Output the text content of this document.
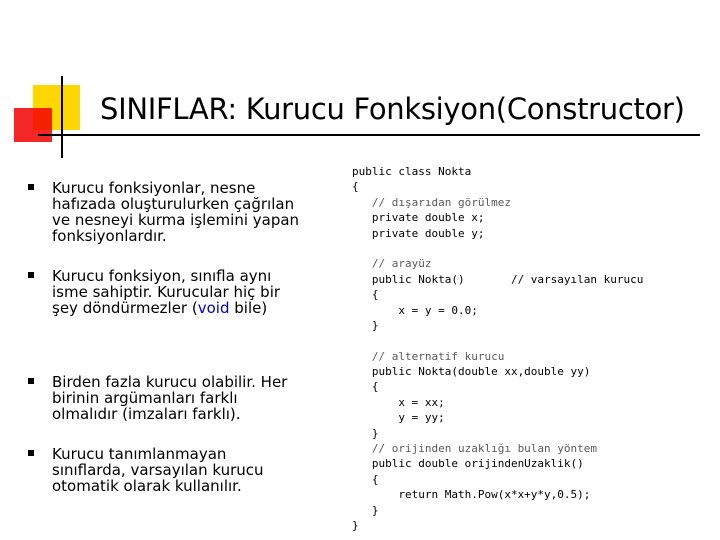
SINIFLAR: Kurucu Fonksiyon(Constructor)
Kurucu fonksiyonlar, nesne hafızada oluşturulurken çağrılan ve nesneyi kurma işlemini yapan fonksiyonlardır.
Kurucu fonksiyon, sınıfla aynı isme sahiptir. Kurucular hiç bir şey döndürmezler (void bile)
Birden fazla kurucu olabilir. Her birinin argümanları farklı olmalıdır (imzaları farklı).
Kurucu tanımlanmayan sınıflarda, varsayılan kurucu otomatik olarak kullanılır.
public class Nokta
{
// dışarıdan görülmez
private double x;
private double y;
// arayüz
public Nokta()       // varsayılan kurucu
{
x = y = 0.0;
}
// alternatif kurucu
public Nokta(double xx,double yy)
{
x = xx;
y = yy;
}
// orijinden uzaklığı bulan yöntem
public double orijindenUzaklik()
{
return Math.Pow(x*x+y*y,0.5);
}
}
